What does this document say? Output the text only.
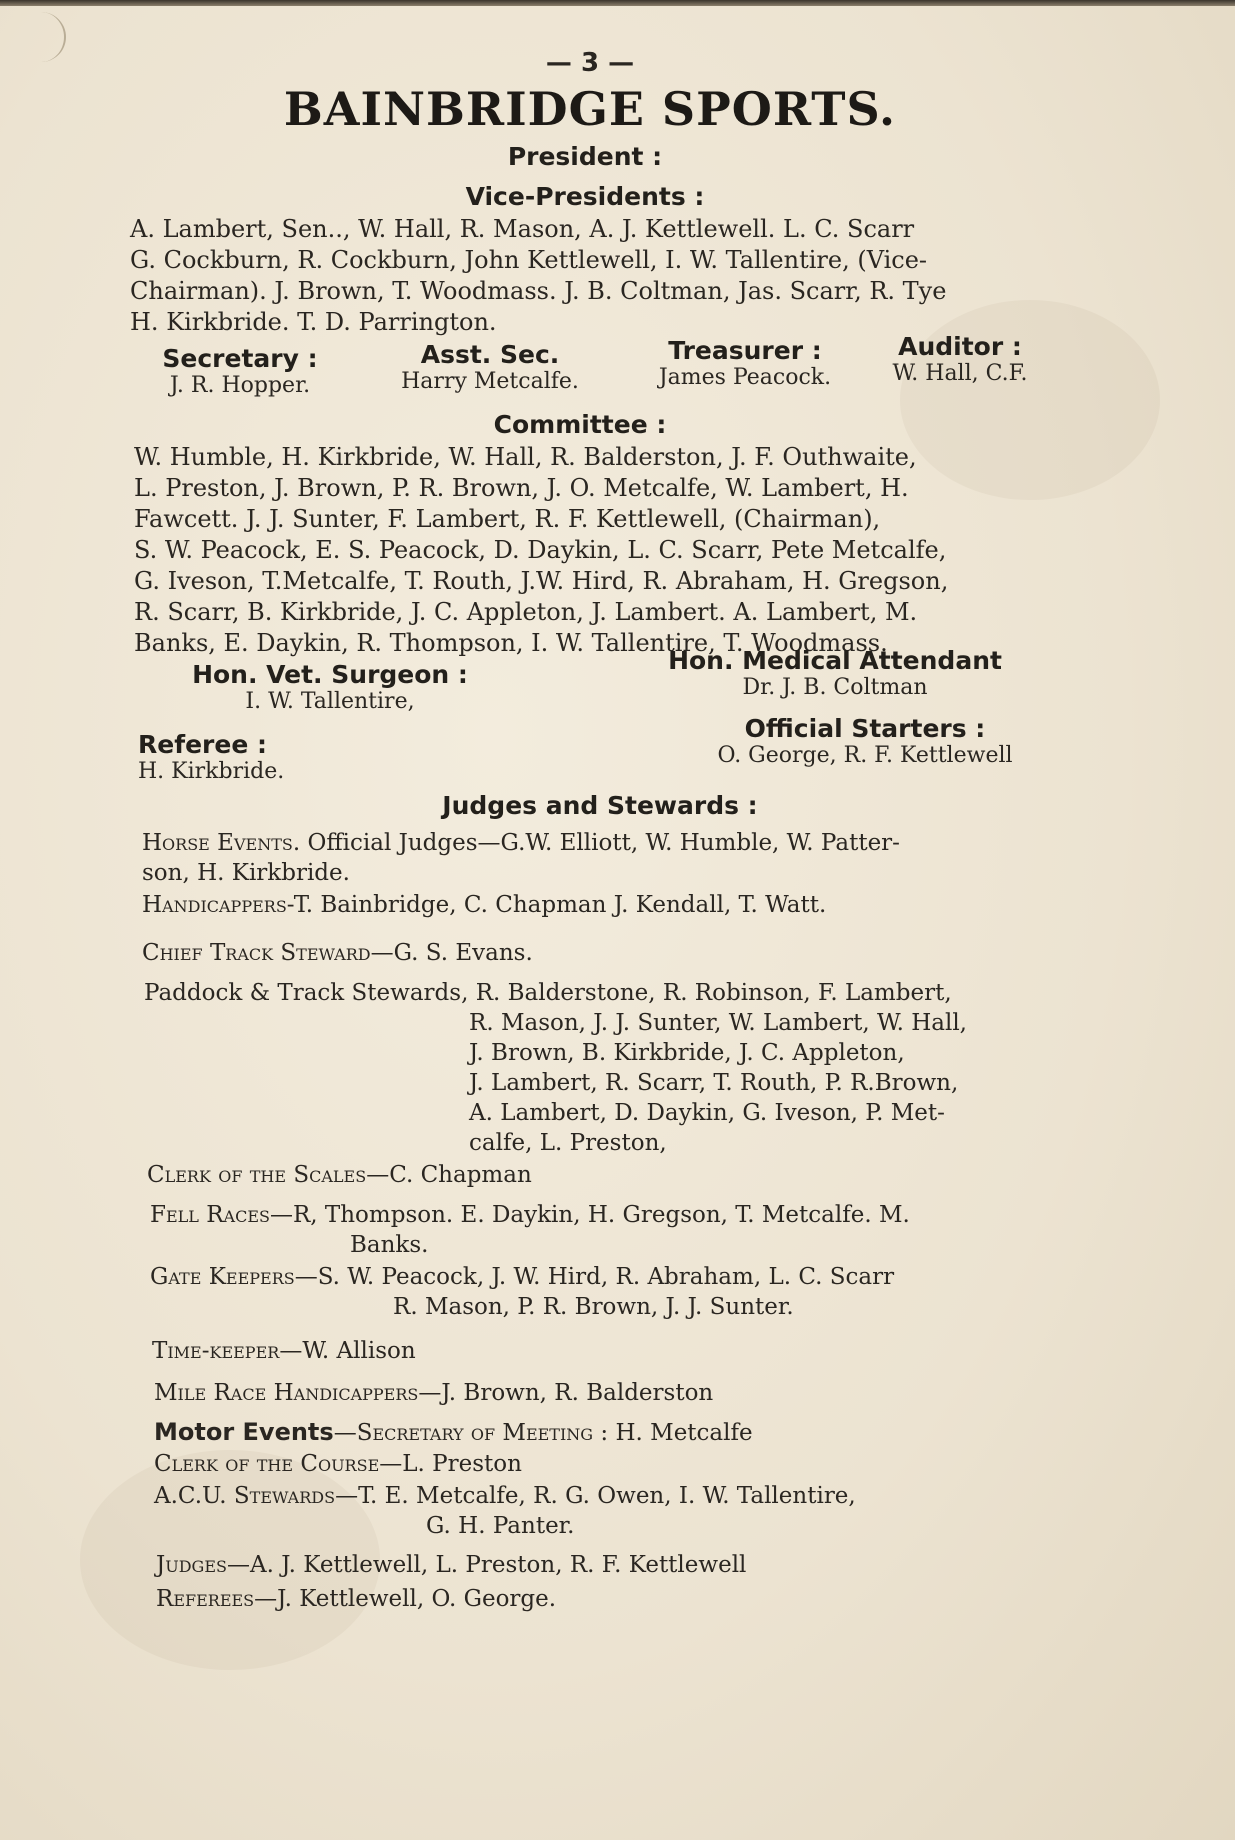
— 3 —
BAINBRIDGE SPORTS.
President :
Vice-Presidents :
A. Lambert, Sen.., W. Hall, R. Mason, A. J. Kettlewell. L. C. Scarr
G. Cockburn, R. Cockburn, John Kettlewell, I. W. Tallentire, (Vice-
Chairman). J. Brown, T. Woodmass. J. B. Coltman, Jas. Scarr, R. Tye
H. Kirkbride. T. D. Parrington.
Secretary :
J. R. Hopper.
Asst. Sec.
Harry Metcalfe.
Treasurer :
James Peacock.
Auditor :
W. Hall, C.F.
Committee :
W. Humble, H. Kirkbride, W. Hall, R. Balderston, J. F. Outhwaite,
L. Preston, J. Brown, P. R. Brown, J. O. Metcalfe, W. Lambert, H.
Fawcett. J. J. Sunter, F. Lambert, R. F. Kettlewell, (Chairman),
S. W. Peacock, E. S. Peacock, D. Daykin, L. C. Scarr, Pete Metcalfe,
G. Iveson, T.Metcalfe, T. Routh, J.W. Hird, R. Abraham, H. Gregson,
R. Scarr, B. Kirkbride, J. C. Appleton, J. Lambert. A. Lambert, M.
Banks, E. Daykin, R. Thompson, I. W. Tallentire, T. Woodmass.
Hon. Vet. Surgeon :
I. W. Tallentire,
Hon. Medical Attendant
Dr. J. B. Coltman
Referee :
H. Kirkbride.
Official Starters :
O. George, R. F. Kettlewell
Judges and Stewards :
Horse Events. Official Judges—G.W. Elliott, W. Humble, W. Patter-
son, H. Kirkbride.
Handicappers-T. Bainbridge, C. Chapman J. Kendall, T. Watt.
Chief Track Steward—G. S. Evans.
Paddock & Track Stewards, R. Balderstone, R. Robinson, F. Lambert,
R. Mason, J. J. Sunter, W. Lambert, W. Hall,
J. Brown, B. Kirkbride, J. C. Appleton,
J. Lambert, R. Scarr, T. Routh, P. R.Brown,
A. Lambert, D. Daykin, G. Iveson, P. Met-
calfe, L. Preston,
Clerk of the Scales—C. Chapman
Fell Races—R, Thompson. E. Daykin, H. Gregson, T. Metcalfe. M.
Banks.
Gate Keepers—S. W. Peacock, J. W. Hird, R. Abraham, L. C. Scarr
R. Mason, P. R. Brown, J. J. Sunter.
Time-keeper—W. Allison
Mile Race Handicappers—J. Brown, R. Balderston
Motor Events—Secretary of Meeting : H. Metcalfe
Clerk of the Course—L. Preston
A.C.U. Stewards—T. E. Metcalfe, R. G. Owen, I. W. Tallentire,
G. H. Panter.
Judges—A. J. Kettlewell, L. Preston, R. F. Kettlewell
Referees—J. Kettlewell, O. George.
